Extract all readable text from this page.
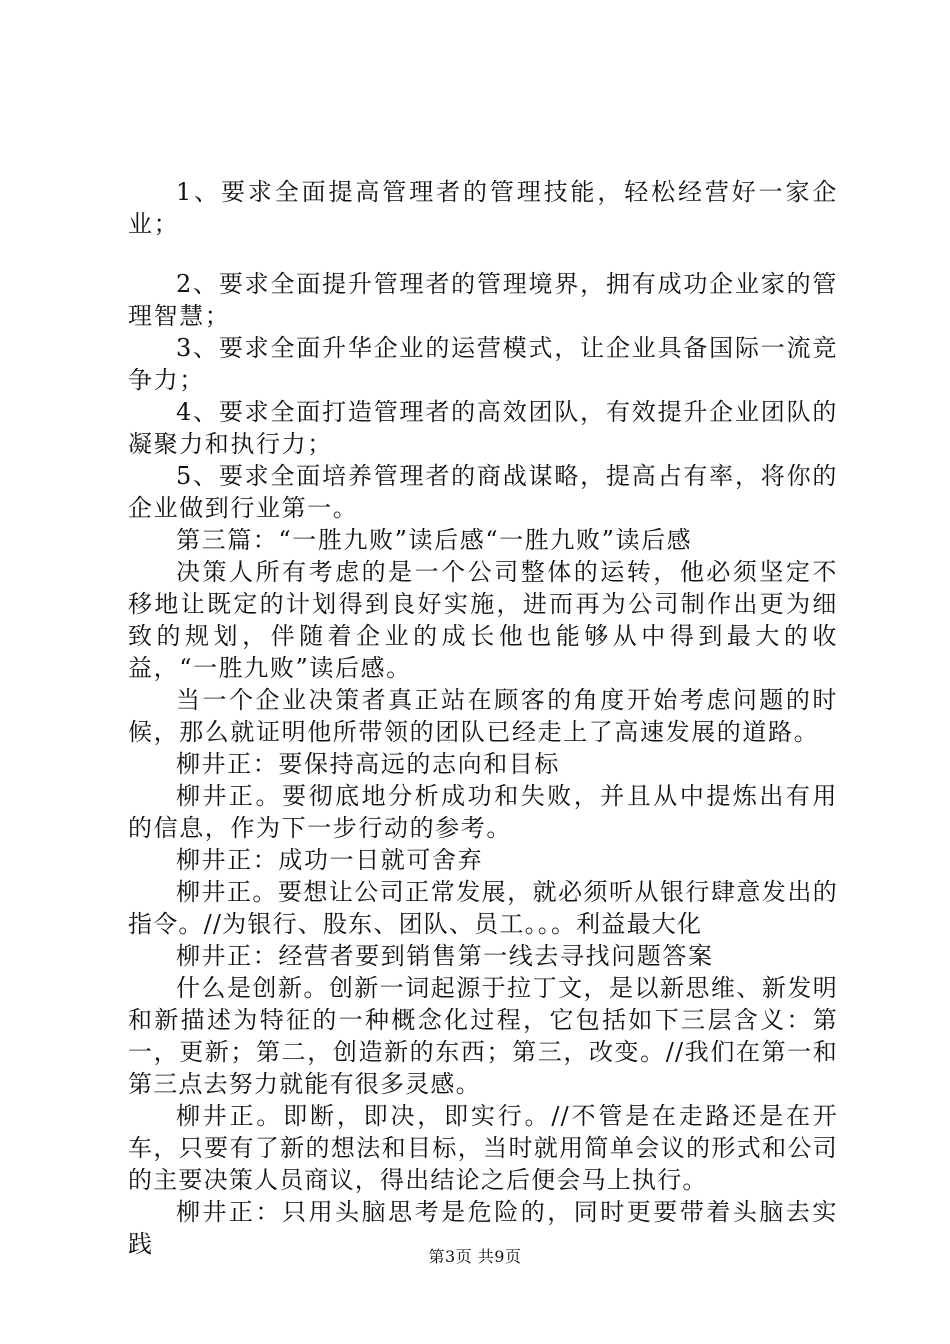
1、要求全面提高管理者的管理技能，轻松经营好一家企业；

2、要求全面提升管理者的管理境界，拥有成功企业家的管理智慧；

3、要求全面升华企业的运营模式，让企业具备国际一流竞争力；

4、要求全面打造管理者的高效团队，有效提升企业团队的凝聚力和执行力；

5、要求全面培养管理者的商战谋略，提高占有率，将你的企业做到行业第一。

第三篇：“一胜九败”读后感“一胜九败”读后感

决策人所有考虑的是一个公司整体的运转，他必须坚定不移地让既定的计划得到良好实施，进而再为公司制作出更为细致的规划，伴随着企业的成长他也能够从中得到最大的收益，“一胜九败”读后感。

当一个企业决策者真正站在顾客的角度开始考虑问题的时候，那么就证明他所带领的团队已经走上了高速发展的道路。

柳井正：要保持高远的志向和目标

柳井正。要彻底地分析成功和失败，并且从中提炼出有用的信息，作为下一步行动的参考。

柳井正：成功一日就可舍弃

柳井正。要想让公司正常发展，就必须听从银行肆意发出的指令。//为银行、股东、团队、员工。。。利益最大化

柳井正：经营者要到销售第一线去寻找问题答案

什么是创新。创新一词起源于拉丁文，是以新思维、新发明和新描述为特征的一种概念化过程，它包括如下三层含义：第一，更新；第二，创造新的东西；第三，改变。//我们在第一和第三点去努力就能有很多灵感。

柳井正。即断，即决，即实行。//不管是在走路还是在开车，只要有了新的想法和目标，当时就用简单会议的形式和公司的主要决策人员商议，得出结论之后便会马上执行。

柳井正：只用头脑思考是危险的，同时更要带着头脑去实践	第3页 共9页
